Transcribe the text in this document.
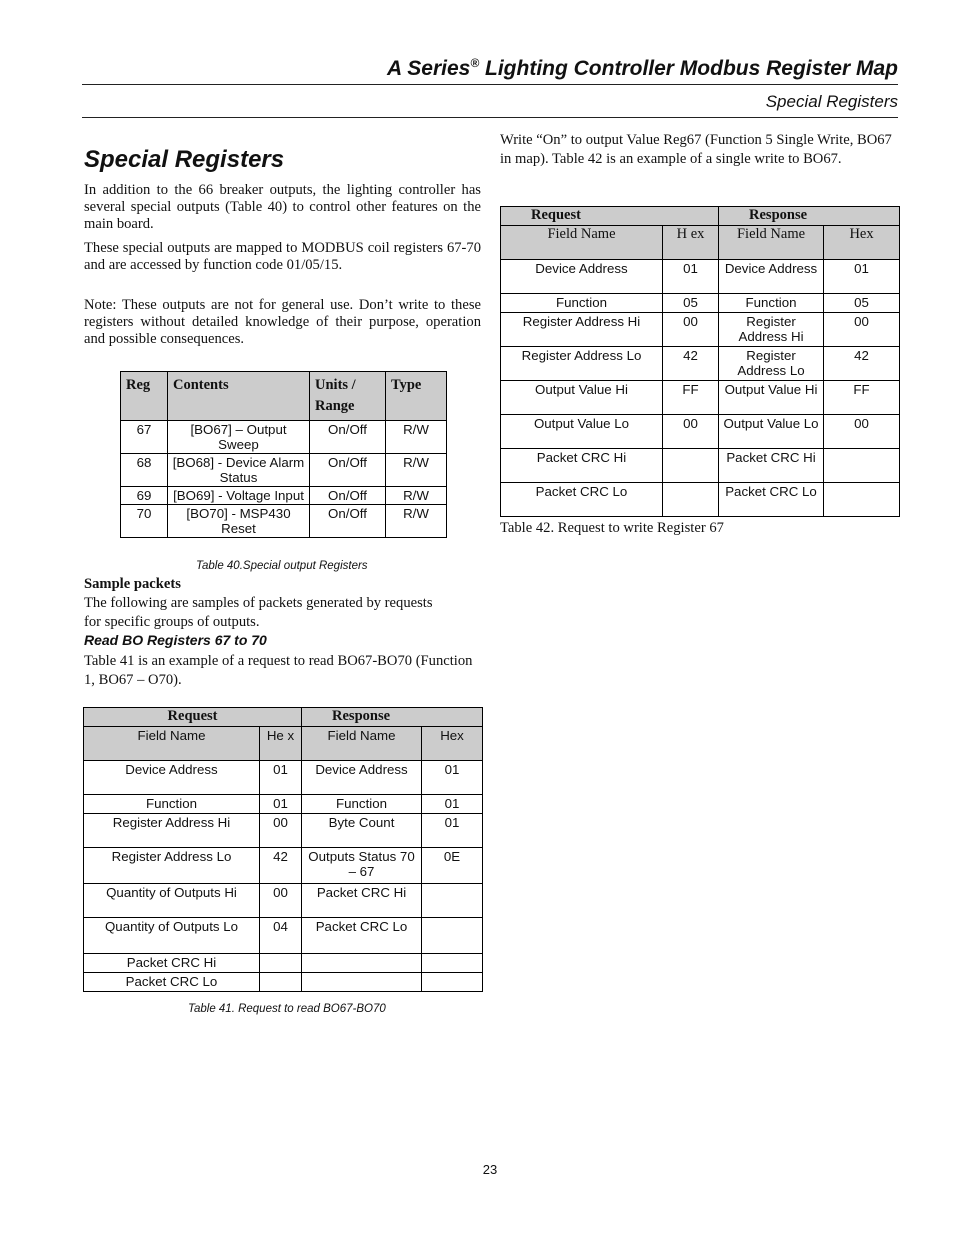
A Series® Lighting Controller Modbus Register Map
Special Registers
Special Registers
In addition to the 66 breaker outputs, the lighting controller has several special outputs (Table 40) to control other features on the main board.
These special outputs are mapped to MODBUS coil registers 67-70 and are accessed by function code 01/05/15.
Note: These outputs are not for general use. Don’t write to these registers without detailed knowledge of their purpose, operation and possible consequences.
Reg	Contents	Units / Range	Type
67	[BO67] – Output Sweep	On/Off	R/W
68	[BO68] - Device Alarm Status	On/Off	R/W
69	[BO69] - Voltage Input	On/Off	R/W
70	[BO70] - MSP430 Reset	On/Off	R/W
Table 40.Special output Registers
Sample packets
The following are samples of packets generated by requests for specific groups of outputs.
Read BO Registers 67 to 70
Table 41 is an example of a request to read BO67-BO70 (Function 1, BO67 – O70).
Request		Response	
Field Name	He x	Field Name	Hex
Device Address	01	Device Address	01
Function	01	Function	01
Register Address Hi	00	Byte Count	01
Register Address Lo	42	Outputs Status 70 – 67	0E
Quantity of Outputs Hi	00	Packet CRC Hi	
Quantity of Outputs Lo	04	Packet CRC Lo	
Packet CRC Hi			
Packet CRC Lo			
Table 41. Request to read BO67-BO70
Write “On” to output Value Reg67 (Function 5 Single Write, BO67 in map). Table 42 is an example of a single write to BO67.
Request		Response	
Field Name	H ex	Field Name	Hex
Device Address	01	Device Address	01
Function	05	Function	05
Register Address Hi	00	Register Address Hi	00
Register Address Lo	42	Register Address Lo	42
Output Value Hi	FF	Output Value Hi	FF
Output Value Lo	00	Output Value Lo	00
Packet CRC Hi		Packet CRC Hi	
Packet CRC Lo		Packet CRC Lo	
Table 42. Request to write Register 67
23
